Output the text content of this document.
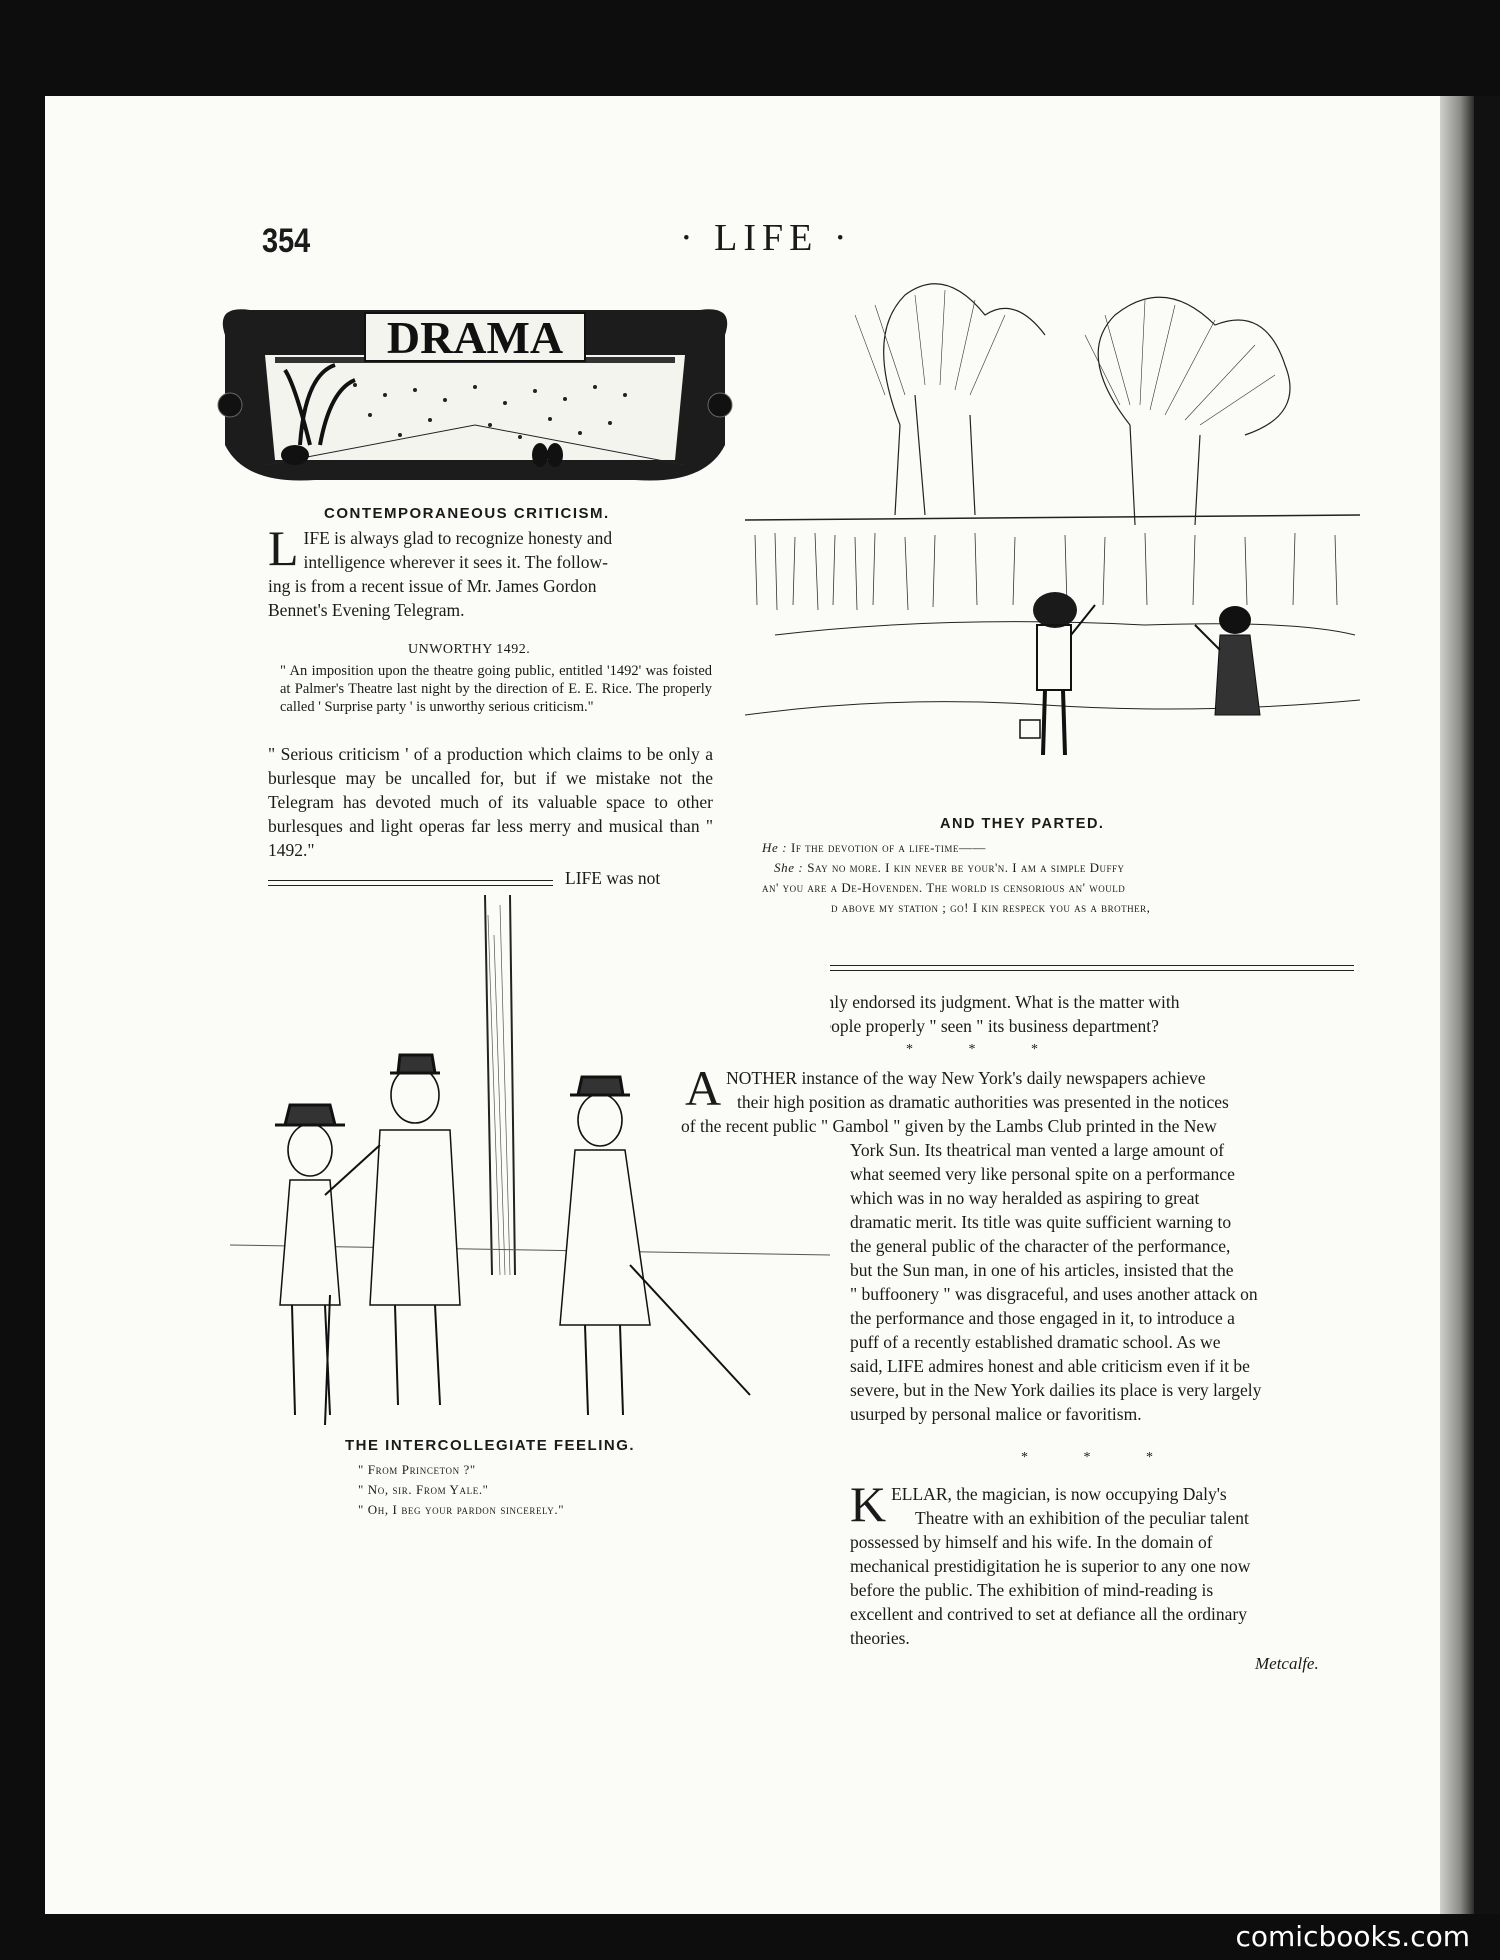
354	· LIFE ·
DRAMA
CONTEMPORANEOUS CRITICISM.
L IFE is always glad to recognize honesty and
intelligence wherever it sees it. The follow-
ing is from a recent issue of Mr. James Gordon
Bennet's Evening Telegram.
UNWORTHY 1492.
" An imposition upon the theatre going public, entitled '1492' was foisted at Palmer's Theatre last night by the direction of E. E. Rice. The properly called ' Surprise party ' is unworthy serious criticism."
" Serious criticism ' of a production which claims to be only a burlesque may be uncalled for, but if we mistake not the Telegram has devoted much of its valuable space to other burlesques and light operas far less merry and musical than " 1492."
LIFE was not
alone in giving
this production a
high place among
those of its class,
and the public seems to have thoroughly endorsed its judgment. What is the matter with
the Telegram? Haven't the " 1492 " people properly " seen " its business department?
* * *
AND THEY PARTED.
He : If the devotion of a life-time——
She : Say no more. I kin never be your'n. I am a simple Duffy
an' you are a De-Hovenden. The world is censorious an' would
say I married above my station ; go! I kin respeck you as a brother,
that is all!
THE INTERCOLLEGIATE FEELING.
" From Princeton ?"
" No, sir. From Yale."
" Oh, I beg your pardon sincerely."
A NOTHER instance of the way New York's daily newspapers achieve
their high position as dramatic authorities was presented in the notices
of the recent public " Gambol " given by the Lambs Club printed in the New
York Sun. Its theatrical man vented a large amount of
what seemed very like personal spite on a performance
which was in no way heralded as aspiring to great
dramatic merit. Its title was quite sufficient warning to
the general public of the character of the performance,
but the Sun man, in one of his articles, insisted that the
" buffoonery " was disgraceful, and uses another attack on
the performance and those engaged in it, to introduce a
puff of a recently established dramatic school. As we
said, LIFE admires honest and able criticism even if it be
severe, but in the New York dailies its place is very largely
usurped by personal malice or favoritism.
* * *
K ELLAR, the magician, is now occupying Daly's
Theatre with an exhibition of the peculiar talent
possessed by himself and his wife. In the domain of
mechanical prestidigitation he is superior to any one now
before the public. The exhibition of mind-reading is
excellent and contrived to set at defiance all the ordinary
theories.
Metcalfe.
comicbooks.com
